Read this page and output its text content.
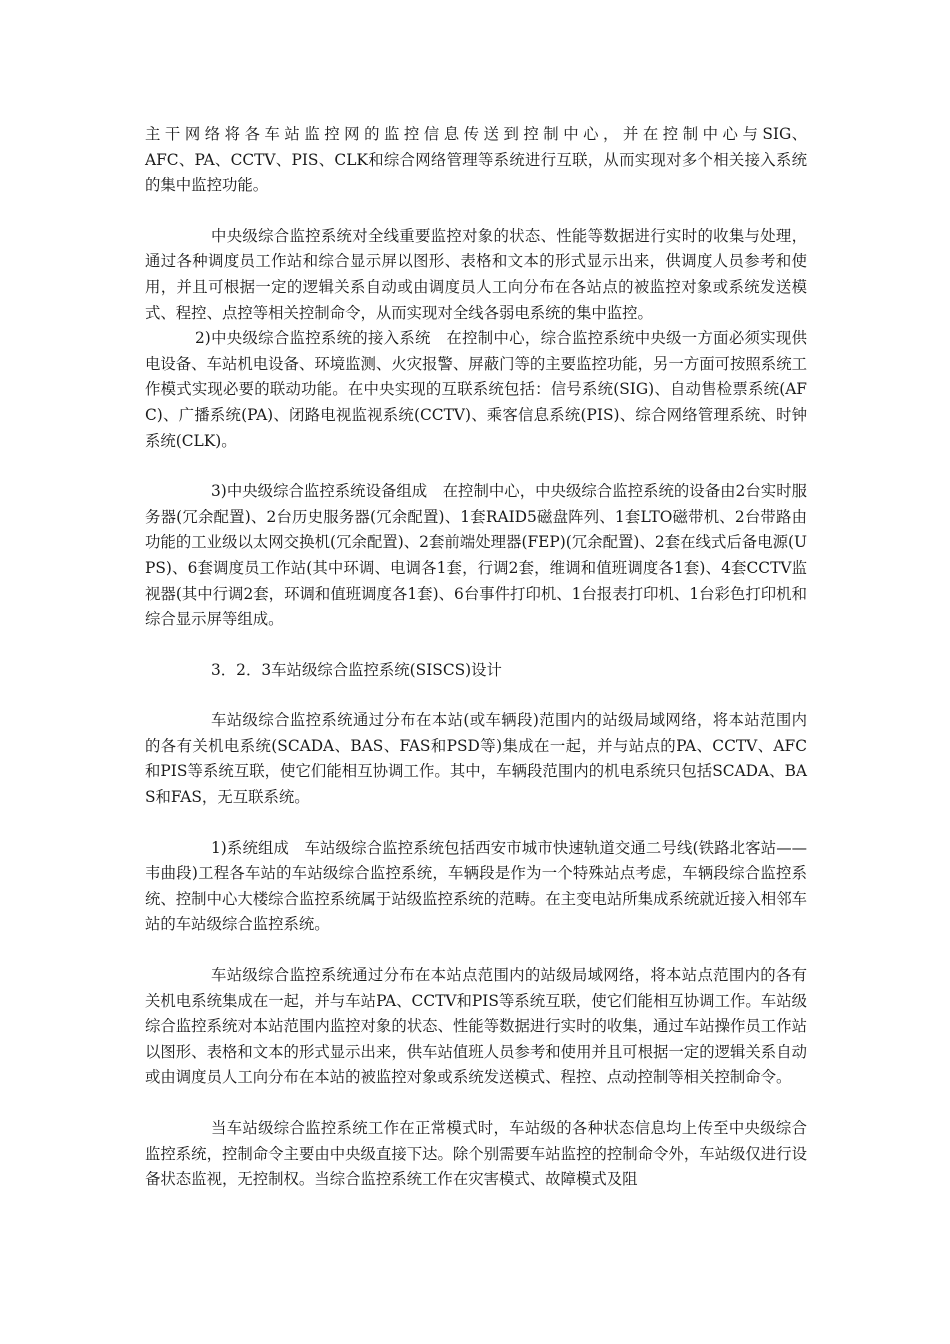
主干网络将各车站监控网的监控信息传送到控制中心，并在控制中心与SIG、AFC、PA、CCTV、PIS、CLK和综合网络管理等系统进行互联，从而实现对多个相关接入系统的集中监控功能。

中央级综合监控系统对全线重要监控对象的状态、性能等数据进行实时的收集与处理，通过各种调度员工作站和综合显示屏以图形、表格和文本的形式显示出来，供调度人员参考和使用，并且可根据一定的逻辑关系自动或由调度员人工向分布在各站点的被监控对象或系统发送模式、程控、点控等相关控制命令，从而实现对全线各弱电系统的集中监控。

2)中央级综合监控系统的接入系统　在控制中心，综合监控系统中央级一方面必须实现供电设备、车站机电设备、环境监测、火灾报警、屏蔽门等的主要监控功能，另一方面可按照系统工作模式实现必要的联动功能。在中央实现的互联系统包括：信号系统(SIG)、自动售检票系统(AFC)、广播系统(PA)、闭路电视监视系统(CCTV)、乘客信息系统(PIS)、综合网络管理系统、时钟系统(CLK)。

3)中央级综合监控系统设备组成　在控制中心，中央级综合监控系统的设备由2台实时服务器(冗余配置)、2台历史服务器(冗余配置)、1套RAID5磁盘阵列、1套LTO磁带机、2台带路由功能的工业级以太网交换机(冗余配置)、2套前端处理器(FEP)(冗余配置)、2套在线式后备电源(UPS)、6套调度员工作站(其中环调、电调各1套，行调2套，维调和值班调度各1套)、4套CCTV监视器(其中行调2套，环调和值班调度各1套)、6台事件打印机、1台报表打印机、1台彩色打印机和综合显示屏等组成。

3．2．3车站级综合监控系统(SISCS)设计

车站级综合监控系统通过分布在本站(或车辆段)范围内的站级局域网络，将本站范围内的各有关机电系统(SCADA、BAS、FAS和PSD等)集成在一起，并与站点的PA、CCTV、AFC和PIS等系统互联，使它们能相互协调工作。其中，车辆段范围内的机电系统只包括SCADA、BAS和FAS，无互联系统。

1)系统组成　车站级综合监控系统包括西安市城市快速轨道交通二号线(铁路北客站——韦曲段)工程各车站的车站级综合监控系统，车辆段是作为一个特殊站点考虑，车辆段综合监控系统、控制中心大楼综合监控系统属于站级监控系统的范畴。在主变电站所集成系统就近接入相邻车站的车站级综合监控系统。

车站级综合监控系统通过分布在本站点范围内的站级局域网络，将本站点范围内的各有关机电系统集成在一起，并与车站PA、CCTV和PIS等系统互联，使它们能相互协调工作。车站级综合监控系统对本站范围内监控对象的状态、性能等数据进行实时的收集，通过车站操作员工作站以图形、表格和文本的形式显示出来，供车站值班人员参考和使用并且可根据一定的逻辑关系自动或由调度员人工向分布在本站的被监控对象或系统发送模式、程控、点动控制等相关控制命令。

当车站级综合监控系统工作在正常模式时，车站级的各种状态信息均上传至中央级综合监控系统，控制命令主要由中央级直接下达。除个别需要车站监控的控制命令外，车站级仅进行设备状态监视，无控制权。当综合监控系统工作在灾害模式、故障模式及阻
